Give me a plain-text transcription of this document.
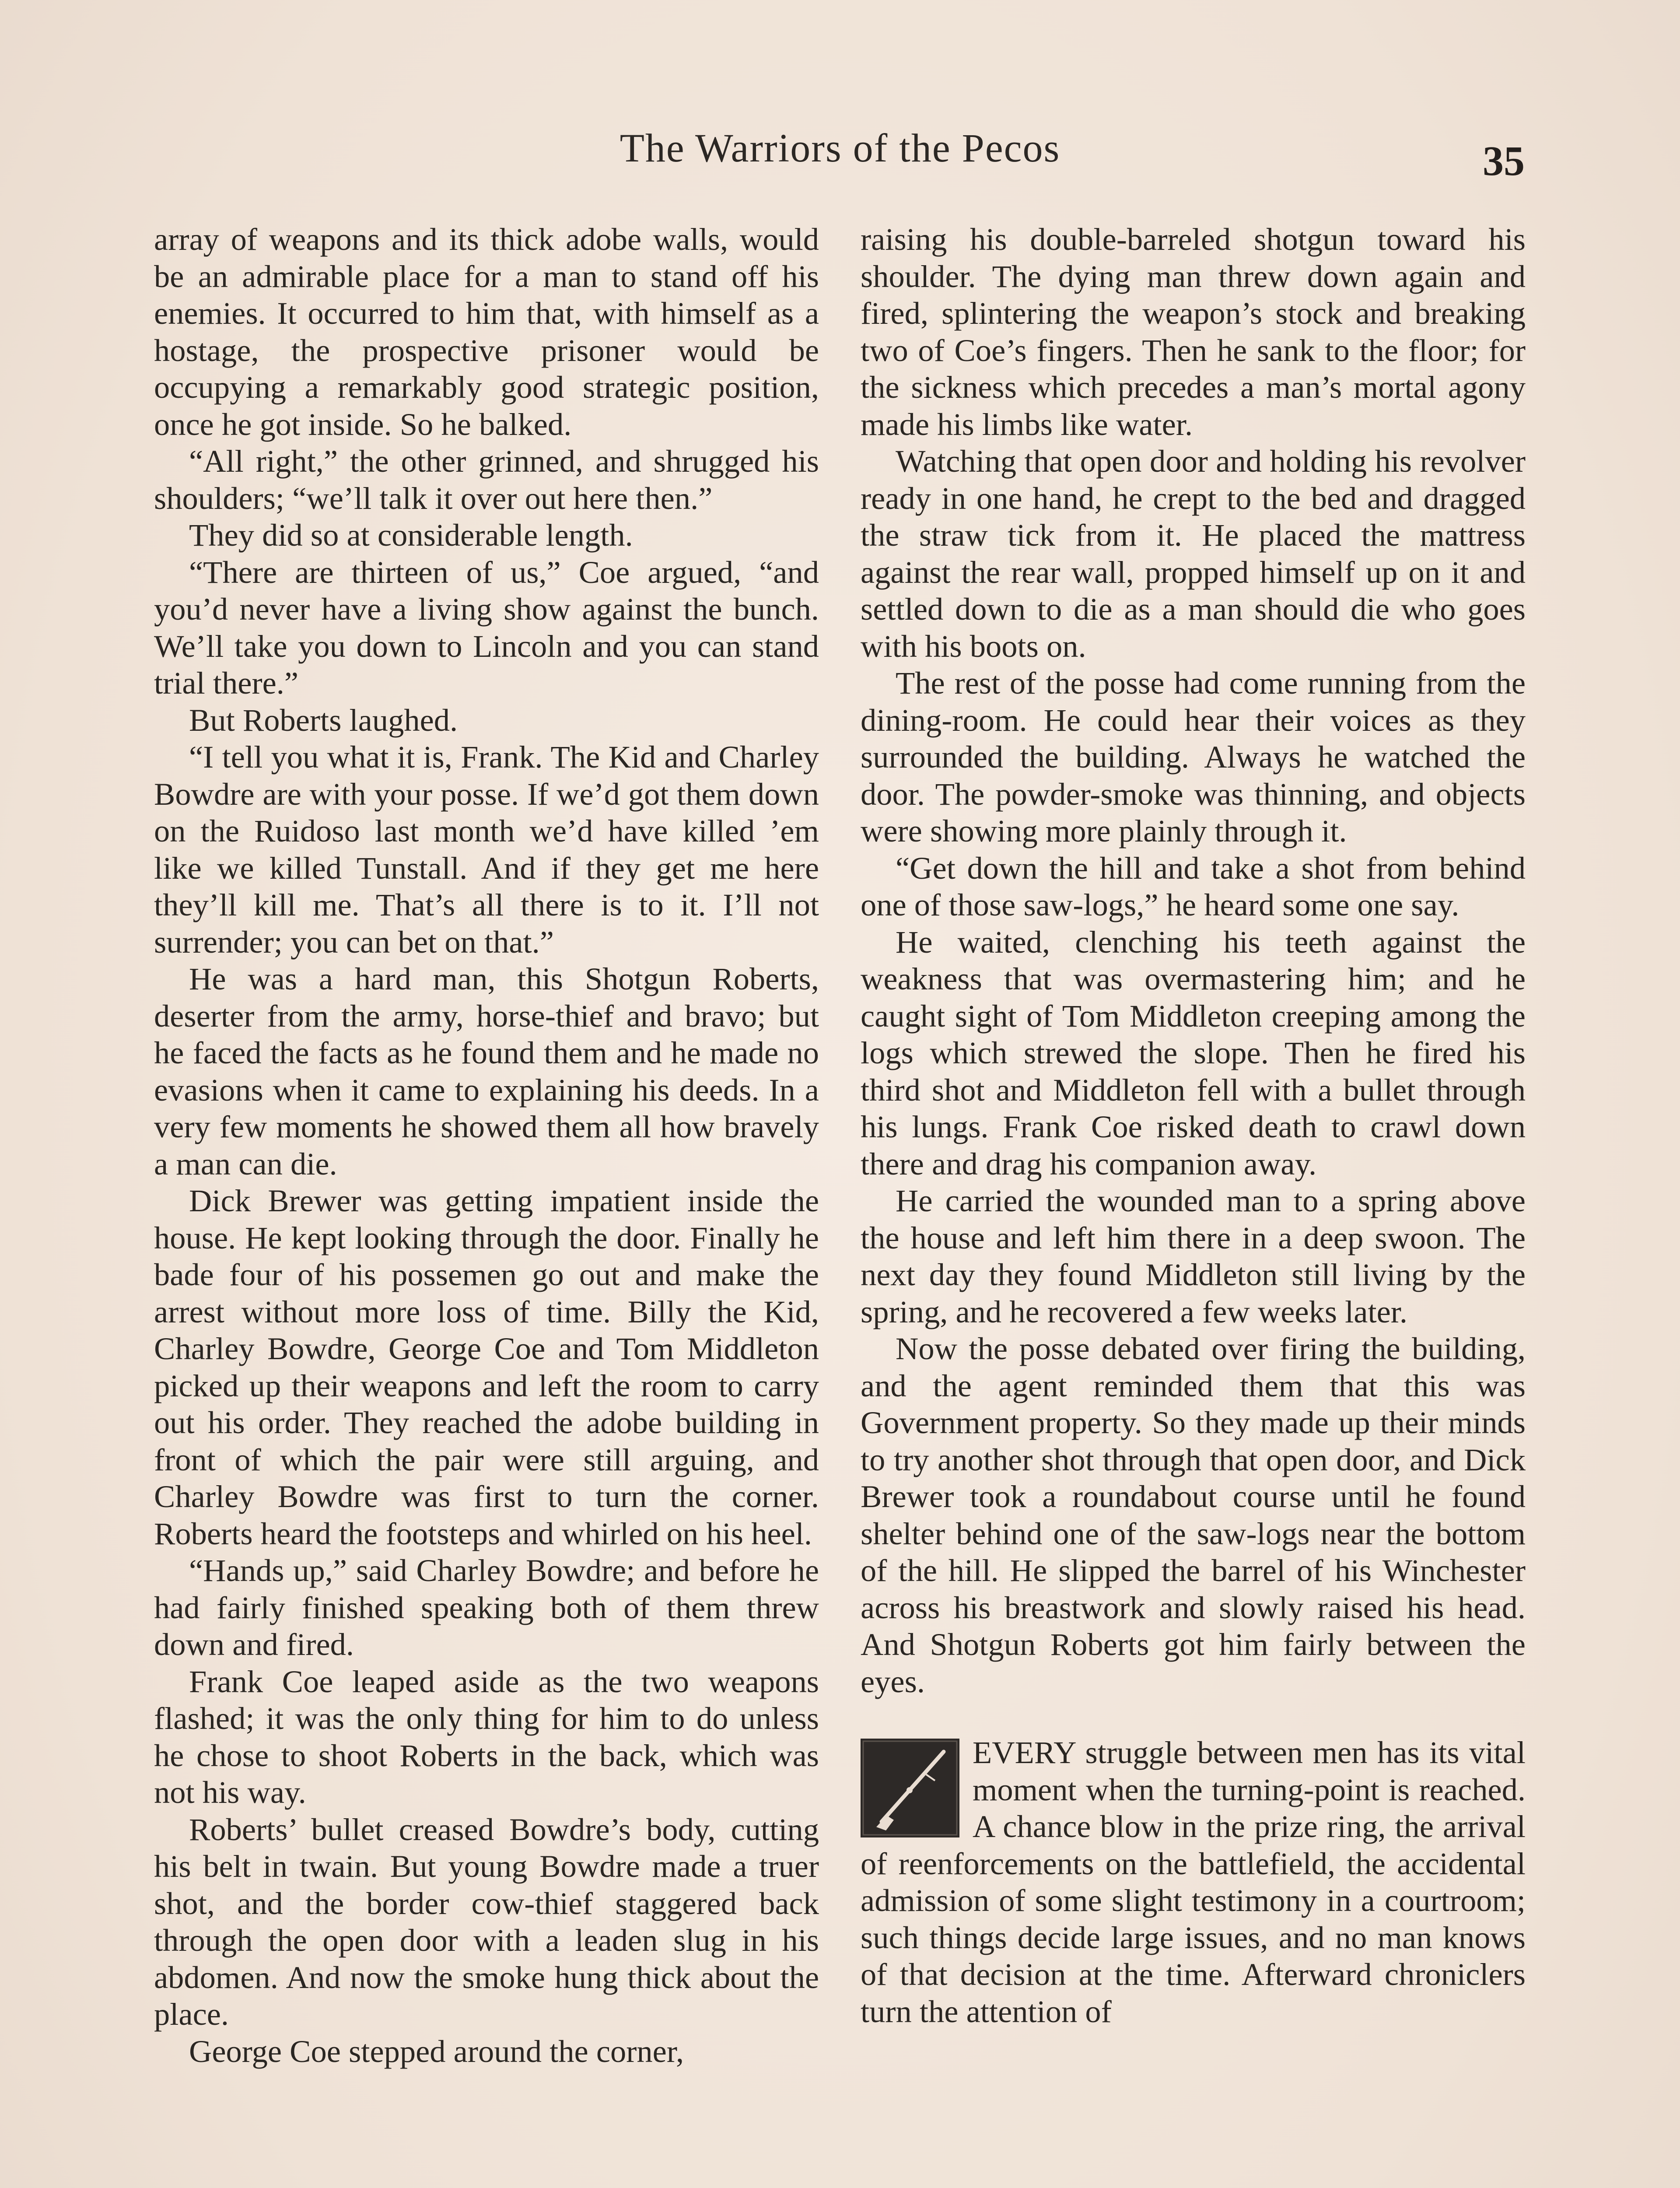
The Warriors of the Pecos	35

array of weapons and its thick adobe walls, would be an admirable place for a man to stand off his enemies. It occurred to him that, with himself as a hostage, the prospective prisoner would be occupying a remarkably good strategic position, once he got inside. So he balked.

“All right,” the other grinned, and shrugged his shoulders; “we’ll talk it over out here then.”

They did so at considerable length.

“There are thirteen of us,” Coe argued, “and you’d never have a living show against the bunch. We’ll take you down to Lincoln and you can stand trial there.”

But Roberts laughed.

“I tell you what it is, Frank. The Kid and Charley Bowdre are with your posse. If we’d got them down on the Ruidoso last month we’d have killed ’em like we killed Tunstall. And if they get me here they’ll kill me. That’s all there is to it. I’ll not surrender; you can bet on that.”

He was a hard man, this Shotgun Roberts, deserter from the army, horse-thief and bravo; but he faced the facts as he found them and he made no evasions when it came to explaining his deeds. In a very few moments he showed them all how bravely a man can die.

Dick Brewer was getting impatient inside the house. He kept looking through the door. Finally he bade four of his possemen go out and make the arrest without more loss of time. Billy the Kid, Charley Bowdre, George Coe and Tom Middleton picked up their weapons and left the room to carry out his order. They reached the adobe building in front of which the pair were still arguing, and Charley Bowdre was first to turn the corner. Roberts heard the footsteps and whirled on his heel.

“Hands up,” said Charley Bowdre; and before he had fairly finished speaking both of them threw down and fired.

Frank Coe leaped aside as the two weapons flashed; it was the only thing for him to do unless he chose to shoot Roberts in the back, which was not his way.

Roberts’ bullet creased Bowdre’s body, cutting his belt in twain. But young Bowdre made a truer shot, and the border cow-thief staggered back through the open door with a leaden slug in his abdomen. And now the smoke hung thick about the place.

George Coe stepped around the corner,

raising his double-barreled shotgun toward his shoulder. The dying man threw down again and fired, splintering the weapon’s stock and breaking two of Coe’s fingers. Then he sank to the floor; for the sickness which precedes a man’s mortal agony made his limbs like water.

Watching that open door and holding his revolver ready in one hand, he crept to the bed and dragged the straw tick from it. He placed the mattress against the rear wall, propped himself up on it and settled down to die as a man should die who goes with his boots on.

The rest of the posse had come running from the dining-room. He could hear their voices as they surrounded the building. Always he watched the door. The powder-smoke was thinning, and objects were showing more plainly through it.

“Get down the hill and take a shot from behind one of those saw-logs,” he heard some one say.

He waited, clenching his teeth against the weakness that was overmastering him; and he caught sight of Tom Middleton creeping among the logs which strewed the slope. Then he fired his third shot and Middleton fell with a bullet through his lungs. Frank Coe risked death to crawl down there and drag his companion away.

He carried the wounded man to a spring above the house and left him there in a deep swoon. The next day they found Middleton still living by the spring, and he recovered a few weeks later.

Now the posse debated over firing the building, and the agent reminded them that this was Government property. So they made up their minds to try another shot through that open door, and Dick Brewer took a roundabout course until he found shelter behind one of the saw-logs near the bottom of the hill. He slipped the barrel of his Winchester across his breastwork and slowly raised his head. And Shotgun Roberts got him fairly between the eyes.

EVERY struggle between men has its vital moment when the turning-point is reached. A chance blow in the prize ring, the arrival of reenforcements on the battlefield, the accidental admission of some slight testimony in a courtroom; such things decide large issues, and no man knows of that decision at the time. Afterward chroniclers turn the attention of
